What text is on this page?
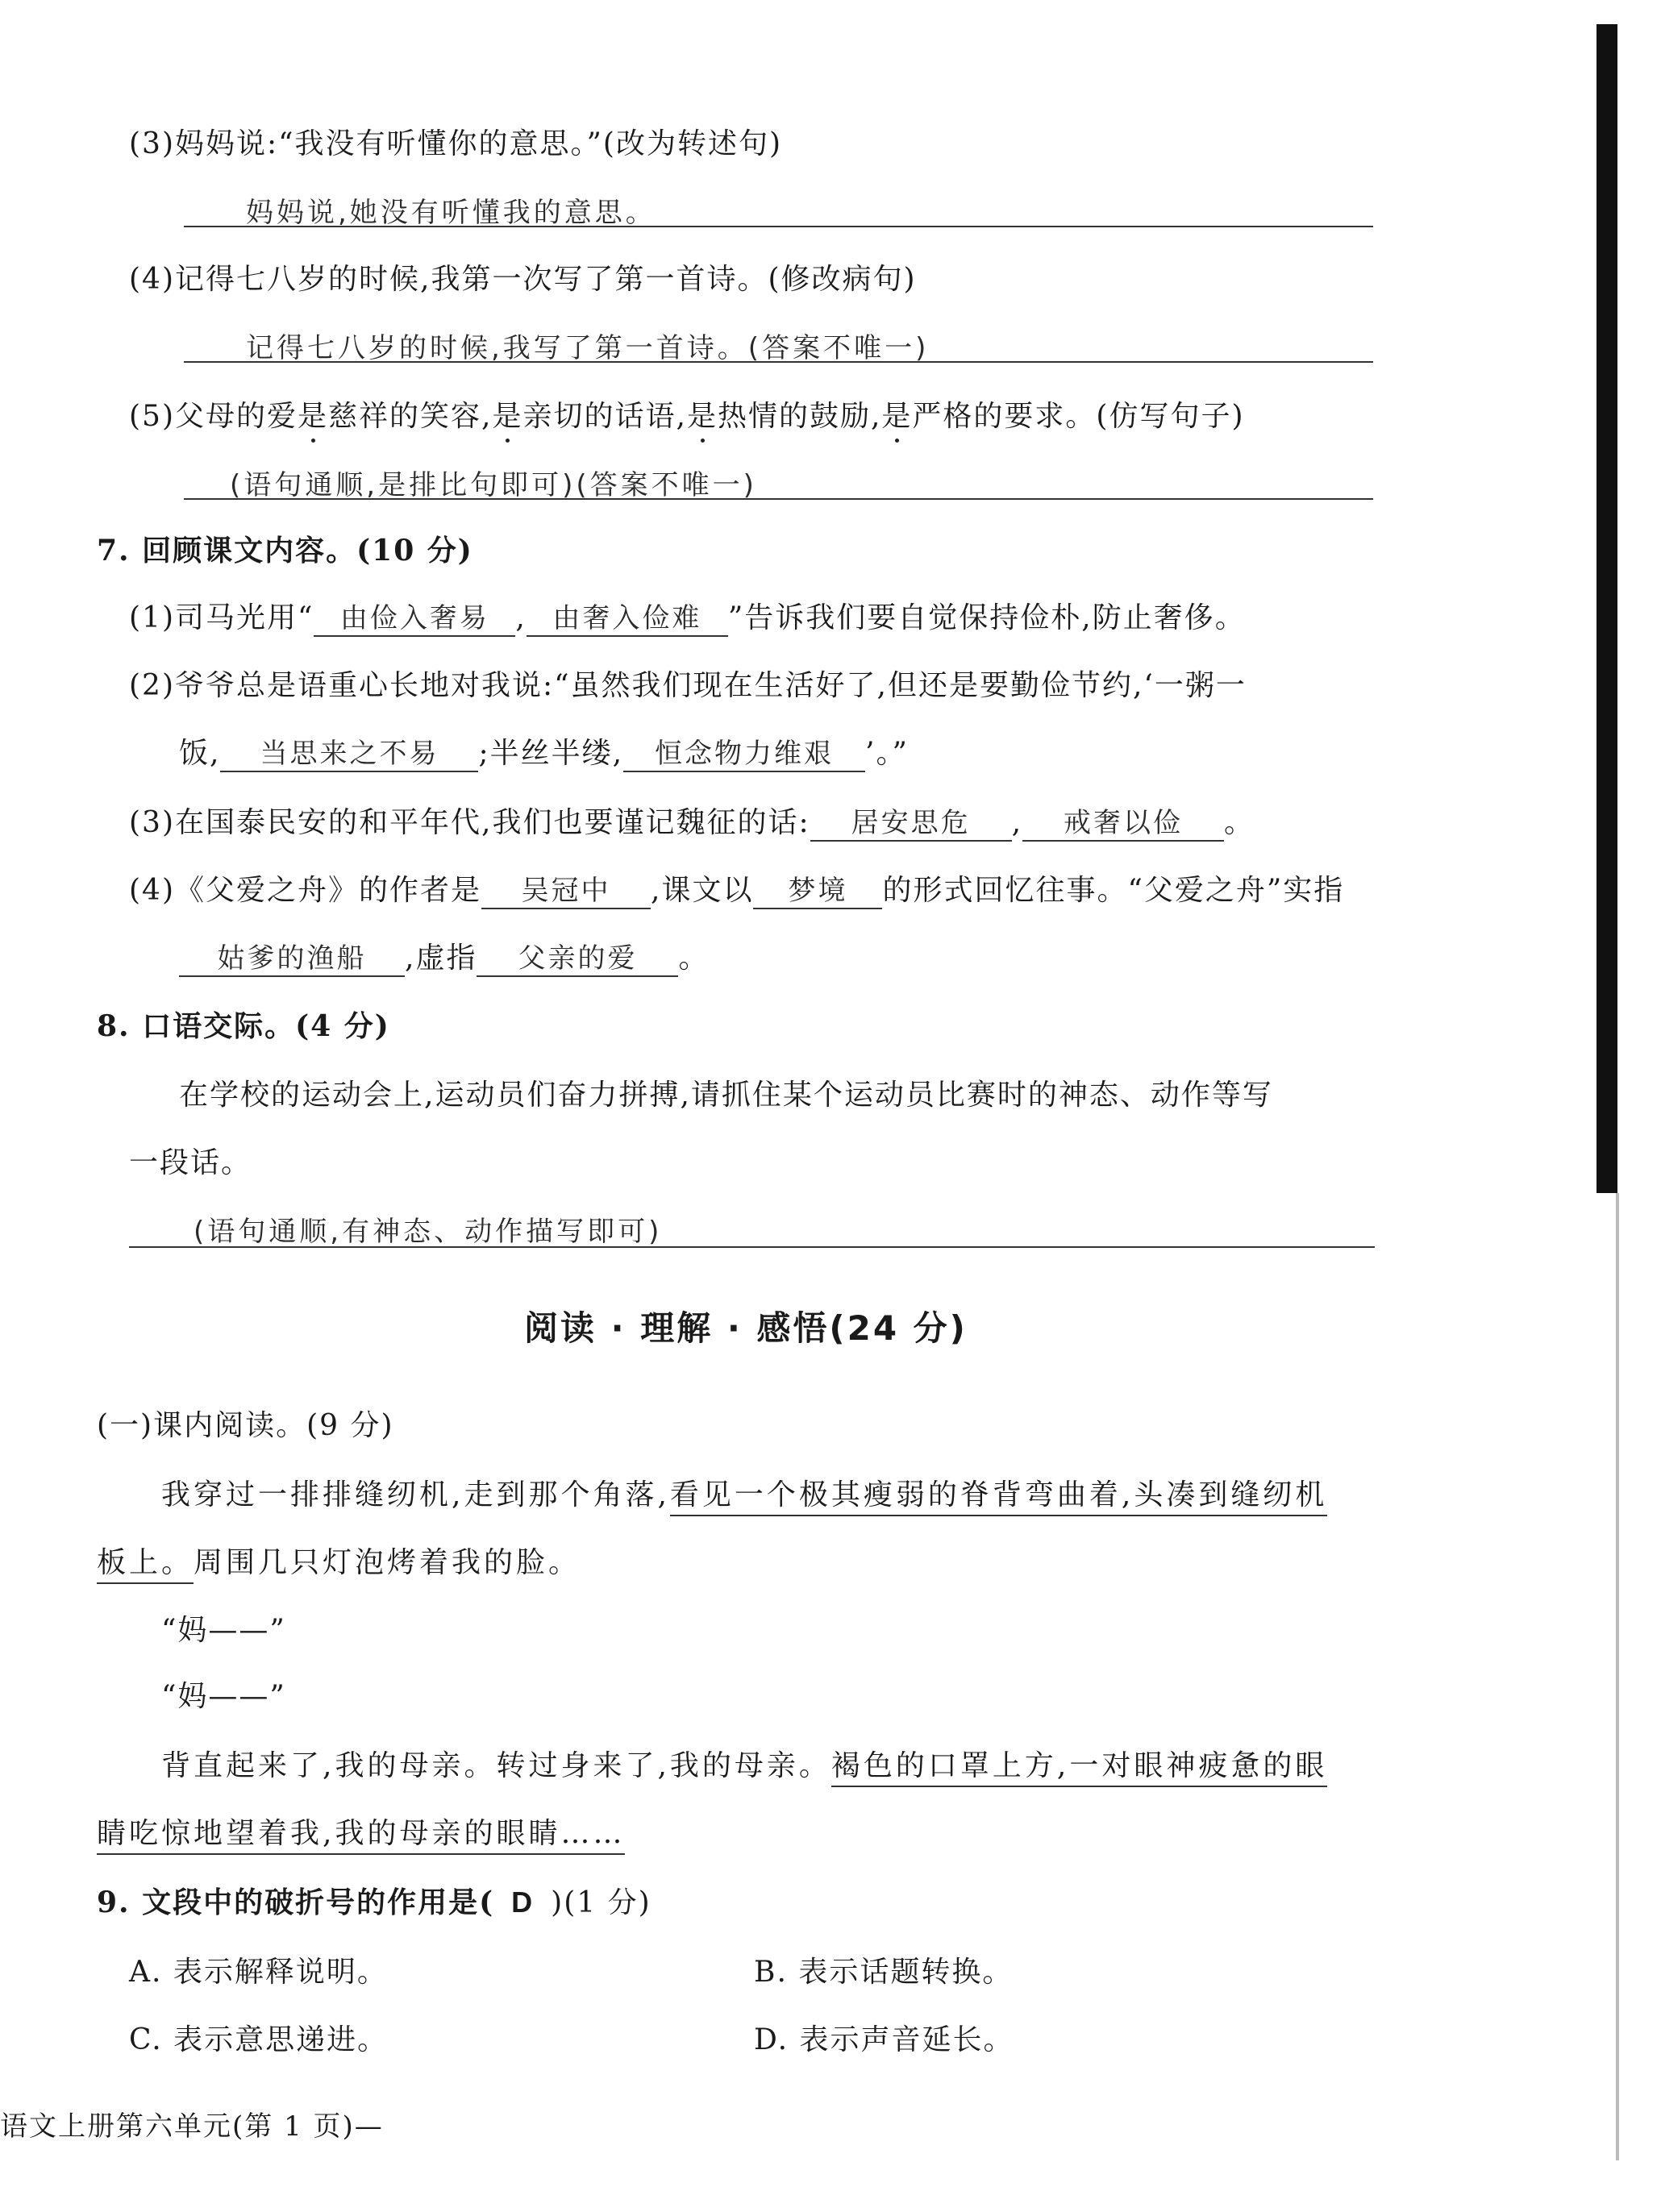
(3)妈妈说:“我没有听懂你的意思。”(改为转述句)
妈妈说,她没有听懂我的意思。
(4)记得七八岁的时候,我第一次写了第一首诗。(修改病句)
记得七八岁的时候,我写了第一首诗。(答案不唯一)
(5)父母的爱是慈祥的笑容,是亲切的话语,是热情的鼓励,是严格的要求。(仿写句子)
(语句通顺,是排比句即可)(答案不唯一)
7. 回顾课文内容。(10 分)
(1)司马光用“ 由俭入奢易 , 由奢入俭难 ”告诉我们要自觉保持俭朴,防止奢侈。
(2)爷爷总是语重心长地对我说:“虽然我们现在生活好了,但还是要勤俭节约,‘一粥一
饭, 当思来之不易 ;半丝半缕, 恒念物力维艰 ’。”
(3)在国泰民安的和平年代,我们也要谨记魏征的话: 居安思危 , 戒奢以俭 。
(4)《父爱之舟》的作者是 吴冠中 ,课文以 梦境 的形式回忆往事。“父爱之舟”实指
姑爹的渔船 ,虚指 父亲的爱 。
8. 口语交际。(4 分)
在学校的运动会上,运动员们奋力拼搏,请抓住某个运动员比赛时的神态、动作等写
一段话。
(语句通顺,有神态、动作描写即可)
阅读 · 理解 · 感悟(24 分)
(一)课内阅读。(9 分)
我穿过一排排缝纫机,走到那个角落,看见一个极其瘦弱的脊背弯曲着,头凑到缝纫机
板上。周围几只灯泡烤着我的脸。
“妈——”
“妈——”
背直起来了,我的母亲。转过身来了,我的母亲。褐色的口罩上方,一对眼神疲惫的眼
睛吃惊地望着我,我的母亲的眼睛……
9. 文段中的破折号的作用是( D )(1 分)
A. 表示解释说明。	B. 表示话题转换。
C. 表示意思递进。	D. 表示声音延长。
语文上册第六单元(第 1 页)—
